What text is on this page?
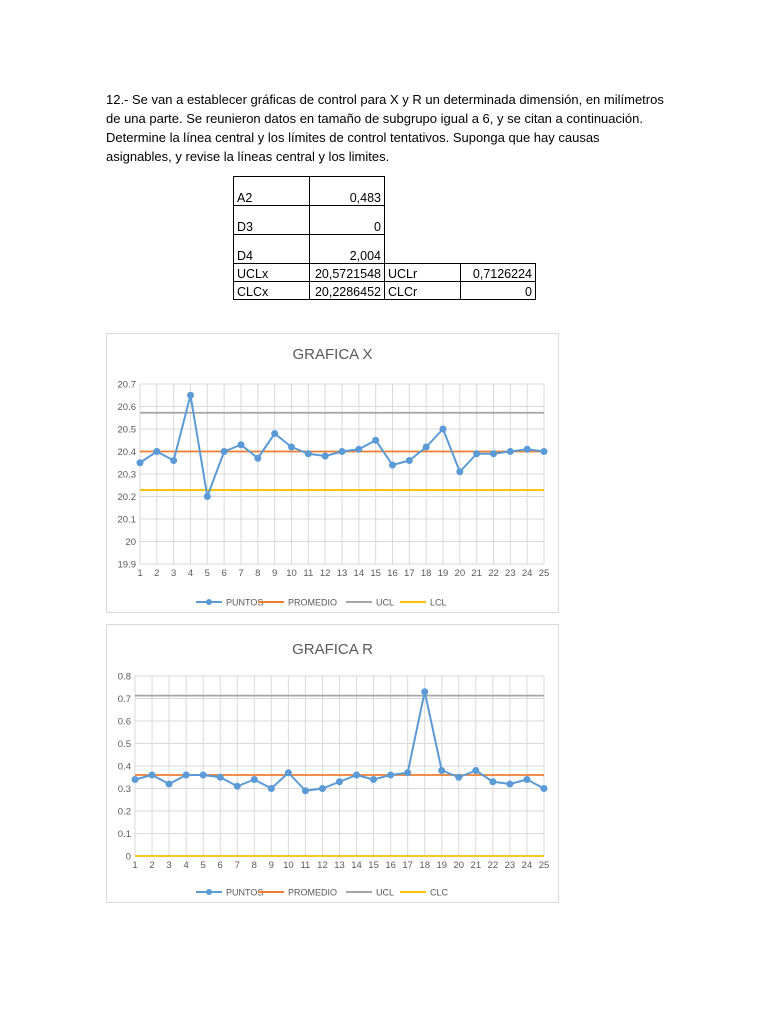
12.- Se van a establecer gráficas de control para X y R un determinada dimensión, en milímetros de una parte. Se reunieron datos en tamaño de subgrupo igual a 6, y se citan a continuación. Determine la línea central y los límites de control tentativos. Suponga que hay causas asignables, y revise la líneas central y los limites.
A2	0,483		
D3	0		
D4	2,004		
UCLx	20,5721548	UCLr	0,7126224
CLCx	20,2286452	CLCr	0
GRAFICA X
19.9
20
20.1
20.2
20.3
20.4
20.5
20.6
20.7
1 2 3 4 5 6 7 8 9 10 11 12 13 14 15 16 17 18 19 20 21 22 23 24 25
PUNTOS	PROMEDIO	UCL	LCL
GRAFICA R
0
0.1
0.2
0.3
0.4
0.5
0.6
0.7
0.8
1 2 3 4 5 6 7 8 9 10 11 12 13 14 15 16 17 18 19 20 21 22 23 24 25
PUNTOS	PROMEDIO	UCL	CLC
